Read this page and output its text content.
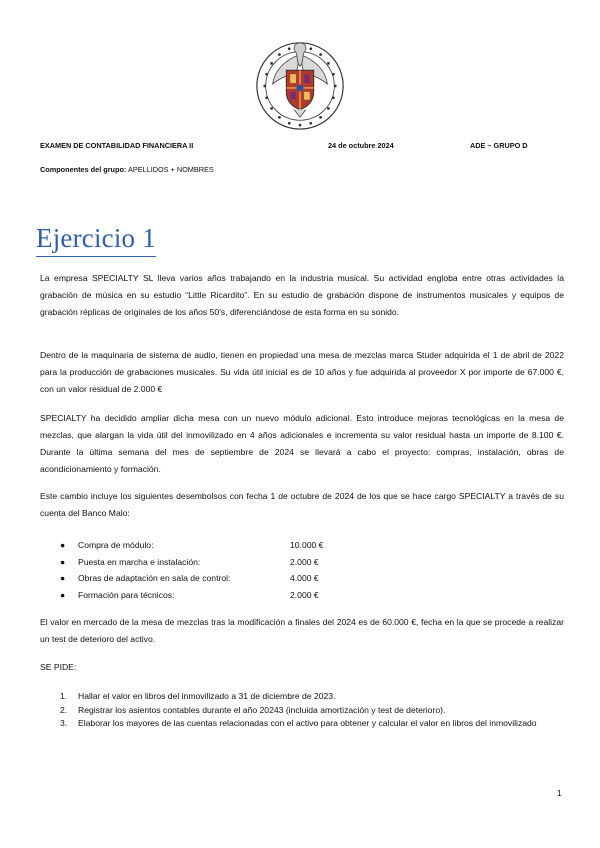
EXAMEN DE CONTABILIDAD FINANCIERA II	24 de octubre 2024	ADE – GRUPO D
Componentes del grupo: APELLIDOS + NOMBRES
Ejercicio 1

La empresa SPECIALTY SL lleva varios años trabajando en la industria musical. Su actividad engloba entre otras actividades la grabación de música en su estudio “Little Ricardito”. En su estudio de grabación dispone de instrumentos musicales y equipos de grabación réplicas de originales de los años 50’s, diferenciándose de esta forma en su sonido.

Dentro de la maquinaria de sistema de audio, tienen en propiedad una mesa de mezclas marca Studer adquirida el 1 de abril de 2022 para la producción de grabaciones musicales. Su vida útil inicial es de 10 años y fue adquirida al proveedor X por importe de 67.000 €, con un valor residual de 2.000 €

SPECIALTY ha decidido ampliar dicha mesa con un nuevo módulo adicional. Esto introduce mejoras tecnológicas en la mesa de mezclas, que alargan la vida útil del inmovilizado en 4 años adicionales e incrementa su valor residual hasta un importe de 8.100 €. Durante la última semana del mes de septiembre de 2024 se llevará a cabo el proyecto: compras, instalación, obras de acondicionamiento y formación.

Este cambio incluye los siguientes desembolsos con fecha 1 de octubre de 2024 de los que se hace cargo SPECIALTY a través de su cuenta del Banco Malo:

● Compra de módulo:	10.000 €
● Puesta en marcha e instalación:	2.000 €
● Obras de adaptación en sala de control:	4.000 €
● Formación para técnicos:	2.000 €

El valor en mercado de la mesa de mezclas tras la modificación a finales del 2024 es de 60.000 €, fecha en la que se procede a realizar un test de deterioro del activo.

SE PIDE:
1. Hallar el valor en libros del inmovilizado a 31 de diciembre de 2023.
2. Registrar los asientos contables durante el año 20243 (incluida amortización y test de deterioro).
3. Elaborar los mayores de las cuentas relacionadas con el activo para obtener y calcular el valor en libros del inmovilizado
1
